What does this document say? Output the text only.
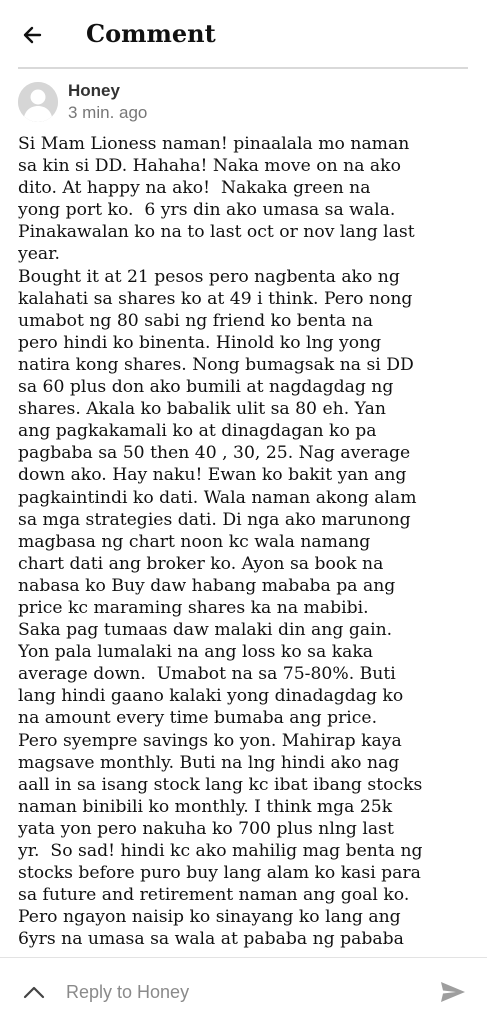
Comment
Honey
3 min. ago
Si Mam Lioness naman! pinaalala mo naman
sa kin si DD. Hahaha! Naka move on na ako
dito. At happy na ako!  Nakaka green na
yong port ko.  6 yrs din ako umasa sa wala.
Pinakawalan ko na to last oct or nov lang last
year.
Bought it at 21 pesos pero nagbenta ako ng
kalahati sa shares ko at 49 i think. Pero nong
umabot ng 80 sabi ng friend ko benta na
pero hindi ko binenta. Hinold ko lng yong
natira kong shares. Nong bumagsak na si DD
sa 60 plus don ako bumili at nagdagdag ng
shares. Akala ko babalik ulit sa 80 eh. Yan
ang pagkakamali ko at dinagdagan ko pa
pagbaba sa 50 then 40 , 30, 25. Nag average
down ako. Hay naku! Ewan ko bakit yan ang
pagkaintindi ko dati. Wala naman akong alam
sa mga strategies dati. Di nga ako marunong
magbasa ng chart noon kc wala namang
chart dati ang broker ko. Ayon sa book na
nabasa ko Buy daw habang mababa pa ang
price kc maraming shares ka na mabibi.
Saka pag tumaas daw malaki din ang gain.
Yon pala lumalaki na ang loss ko sa kaka
average down.  Umabot na sa 75-80%. Buti
lang hindi gaano kalaki yong dinadagdag ko
na amount every time bumaba ang price.
Pero syempre savings ko yon. Mahirap kaya
magsave monthly. Buti na lng hindi ako nag
aall in sa isang stock lang kc ibat ibang stocks
naman binibili ko monthly. I think mga 25k
yata yon pero nakuha ko 700 plus nlng last
yr.  So sad! hindi kc ako mahilig mag benta ng
stocks before puro buy lang alam ko kasi para
sa future and retirement naman ang goal ko.
Pero ngayon naisip ko sinayang ko lang ang
6yrs na umasa sa wala at pababa ng pababa
Reply to Honey
